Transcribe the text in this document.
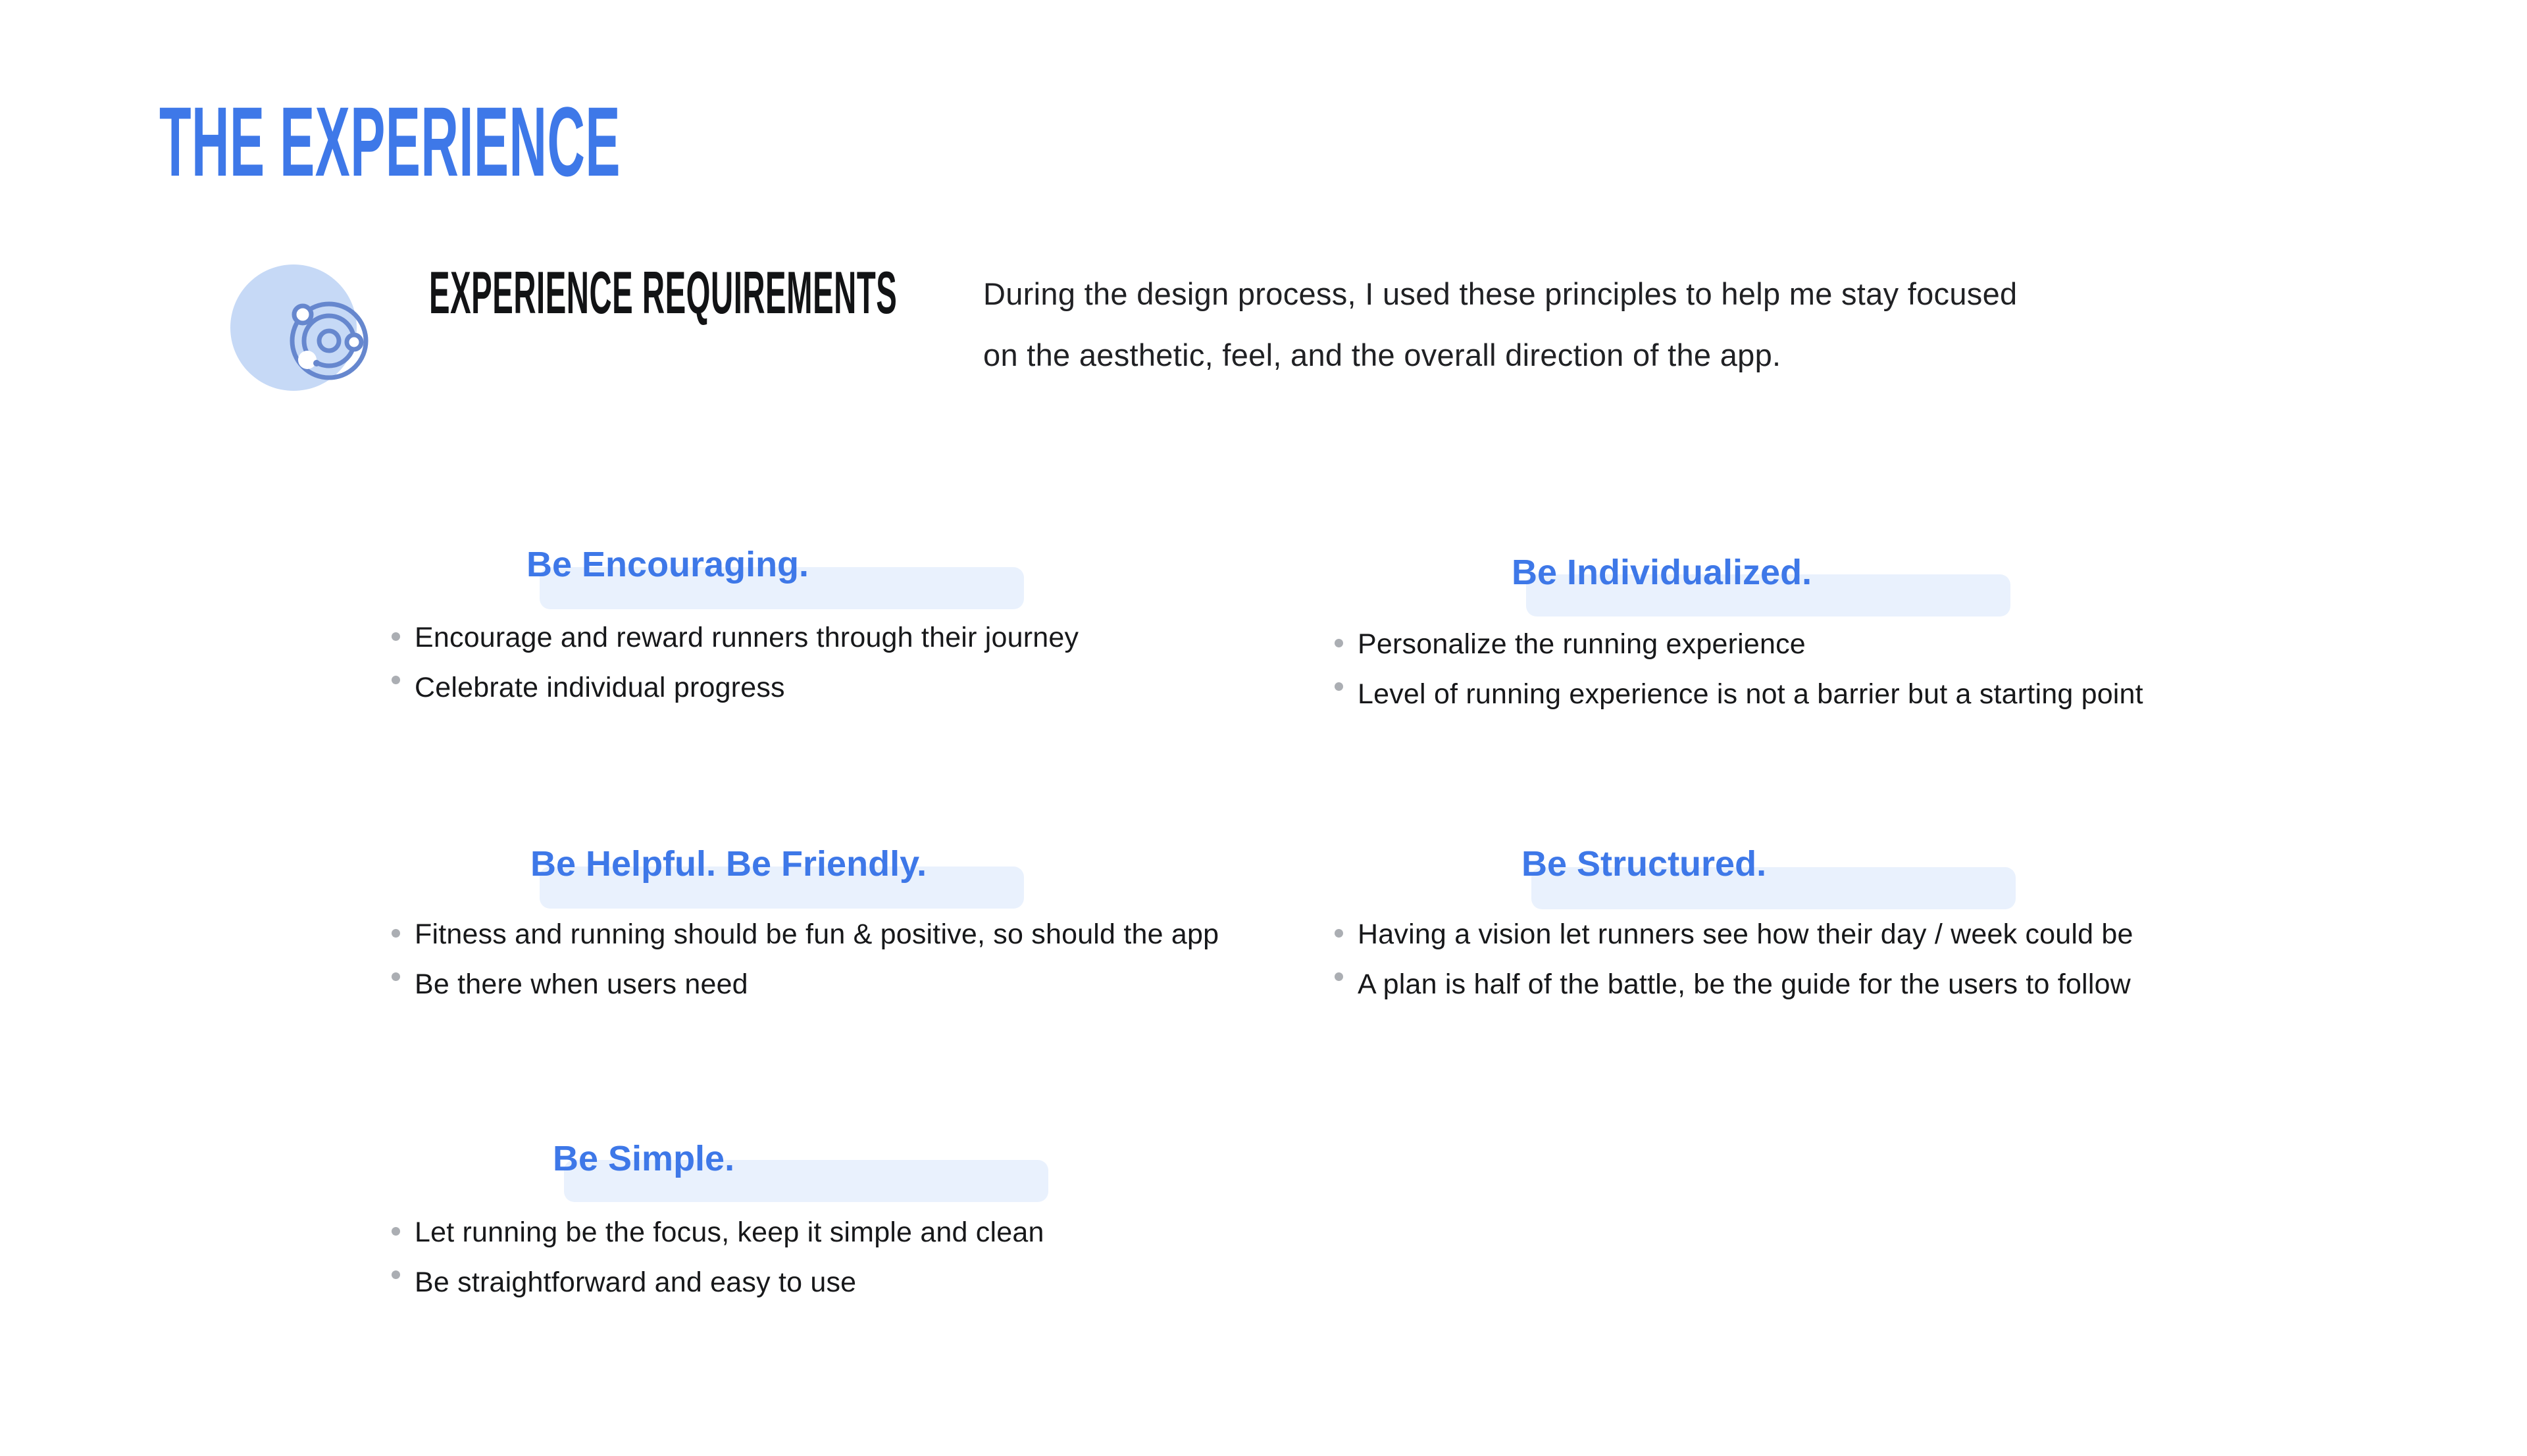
THE EXPERIENCE
EXPERIENCE REQUIREMENTS	During the design process, I used these principles to help me stay focused
on the aesthetic, feel, and the overall direction of the app.
Be Encouraging.
Encourage and reward runners through their journey
Celebrate individual progress
Be Individualized.
Personalize the running experience
Level of running experience is not a barrier but a starting point
Be Helpful. Be Friendly.
Fitness and running should be fun & positive, so should the app
Be there when users need
Be Structured.
Having a vision let runners see how their day / week could be
A plan is half of the battle, be the guide for the users to follow
Be Simple.
Let running be the focus, keep it simple and clean
Be straightforward and easy to use
